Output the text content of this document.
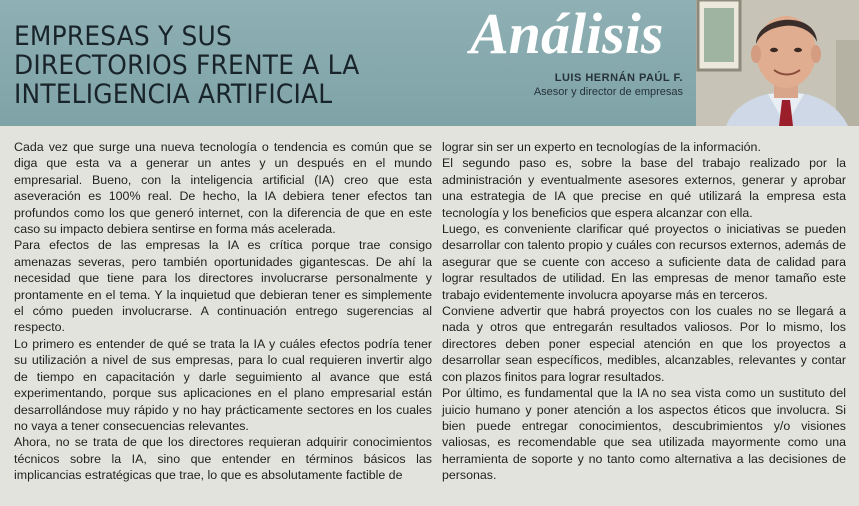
EMPRESAS Y SUS
DIRECTORIOS FRENTE A LA
INTELIGENCIA ARTIFICIAL
Análisis
LUIS HERNÁN PAÚL F.
Asesor y director de empresas

Cada vez que surge una nueva tecnología o tendencia es común que se diga que esta va a generar un antes y un después en el mundo empresarial. Bueno, con la inteligencia artificial (IA) creo que esta aseveración es 100% real. De hecho, la IA debiera tener efectos tan profundos como los que generó internet, con la diferencia de que en este caso su impacto debiera sentirse en forma más acelerada.

Para efectos de las empresas la IA es crítica porque trae consigo amenazas severas, pero también oportunidades gigantescas. De ahí la necesidad que tiene para los directores involucrarse personalmente y prontamente en el tema. Y la inquietud que debieran tener es simplemente el cómo pueden involucrarse. A continuación entrego sugerencias al respecto.

Lo primero es entender de qué se trata la IA y cuáles efectos podría tener su utilización a nivel de sus empresas, para lo cual requieren invertir algo de tiempo en capacitación y darle seguimiento al avance que está experimentando, porque sus aplicaciones en el plano empresarial están desarrollándose muy rápido y no hay prácticamente sectores en los cuales no vaya a tener consecuencias relevantes.

Ahora, no se trata de que los directores requieran adquirir conocimientos técnicos sobre la IA, sino que entender en términos básicos las implicancias estratégicas que trae, lo que es absolutamente factible de

lograr sin ser un experto en tecnologías de la información.

El segundo paso es, sobre la base del trabajo realizado por la administración y eventualmente asesores externos, generar y aprobar una estrategia de IA que precise en qué utilizará la empresa esta tecnología y los beneficios que espera alcanzar con ella.

Luego, es conveniente clarificar qué proyectos o iniciativas se pueden desarrollar con talento propio y cuáles con recursos externos, además de asegurar que se cuente con acceso a suficiente data de calidad para lograr resultados de utilidad. En las empresas de menor tamaño este trabajo evidentemente involucra apoyarse más en terceros.

Conviene advertir que habrá proyectos con los cuales no se llegará a nada y otros que entregarán resultados valiosos. Por lo mismo, los directores deben poner especial atención en que los proyectos a desarrollar sean específicos, medibles, alcanzables, relevantes y contar con plazos finitos para lograr resultados.

Por último, es fundamental que la IA no sea vista como un sustituto del juicio humano y poner atención a los aspectos éticos que involucra. Si bien puede entregar conocimientos, descubrimientos y/o visiones valiosas, es recomendable que sea utilizada mayormente como una herramienta de soporte y no tanto como alternativa a las decisiones de personas.
